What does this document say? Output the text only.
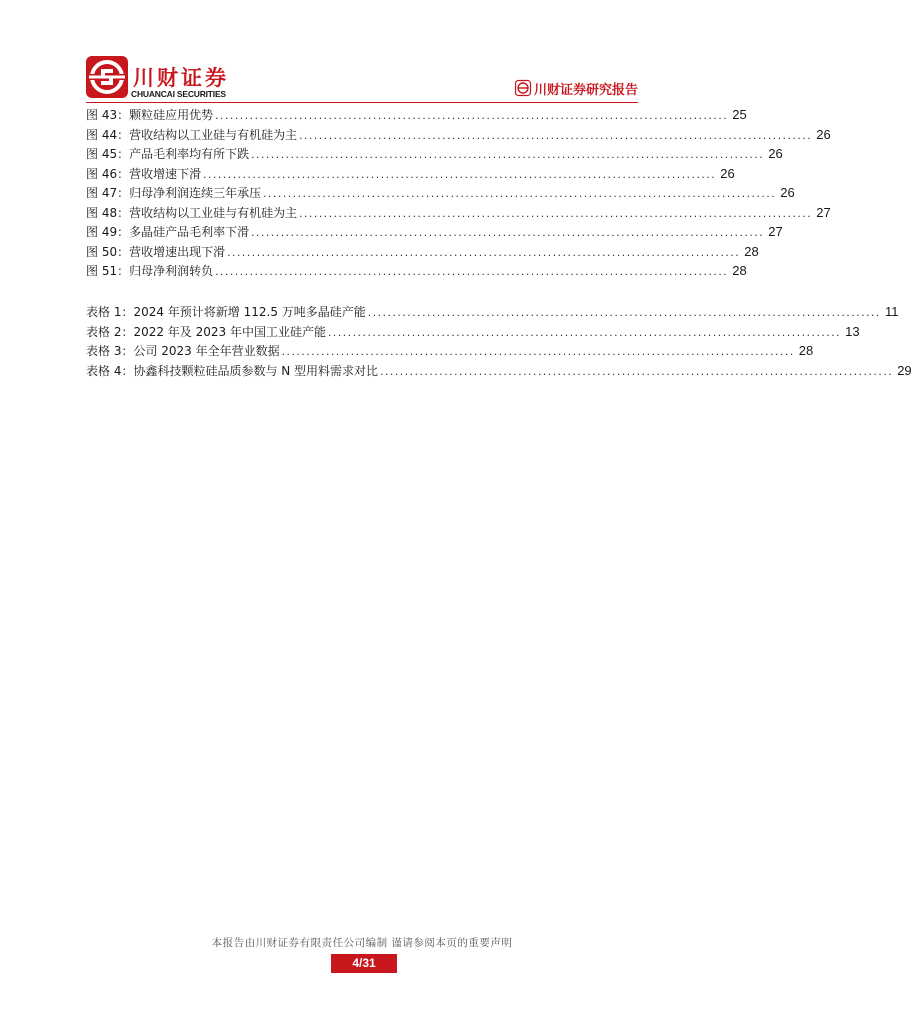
川财证券
CHUANCAI SECURITIES	川财证券研究报告
图 43：颗粒硅应用优势 ........................................................................................................ 25
图 44：营收结构以工业硅与有机硅为主 ........................................................................................................ 26
图 45：产品毛利率均有所下跌 ........................................................................................................ 26
图 46：营收增速下滑 ........................................................................................................ 26
图 47：归母净利润连续三年承压 ........................................................................................................ 26
图 48：营收结构以工业硅与有机硅为主 ........................................................................................................ 27
图 49：多晶硅产品毛利率下滑 ........................................................................................................ 27
图 50：营收增速出现下滑 ........................................................................................................ 28
图 51：归母净利润转负 ........................................................................................................ 28
表格 1：2024 年预计将新增 112.5 万吨多晶硅产能 ........................................................................................................ 11
表格 2：2022 年及 2023 年中国工业硅产能 ........................................................................................................ 13
表格 3：公司 2023 年全年营业数据 ........................................................................................................ 28
表格 4：协鑫科技颗粒硅品质参数与 N 型用料需求对比 ........................................................................................................ 29
本报告由川财证券有限责任公司编制 谨请参阅本页的重要声明
4/31
